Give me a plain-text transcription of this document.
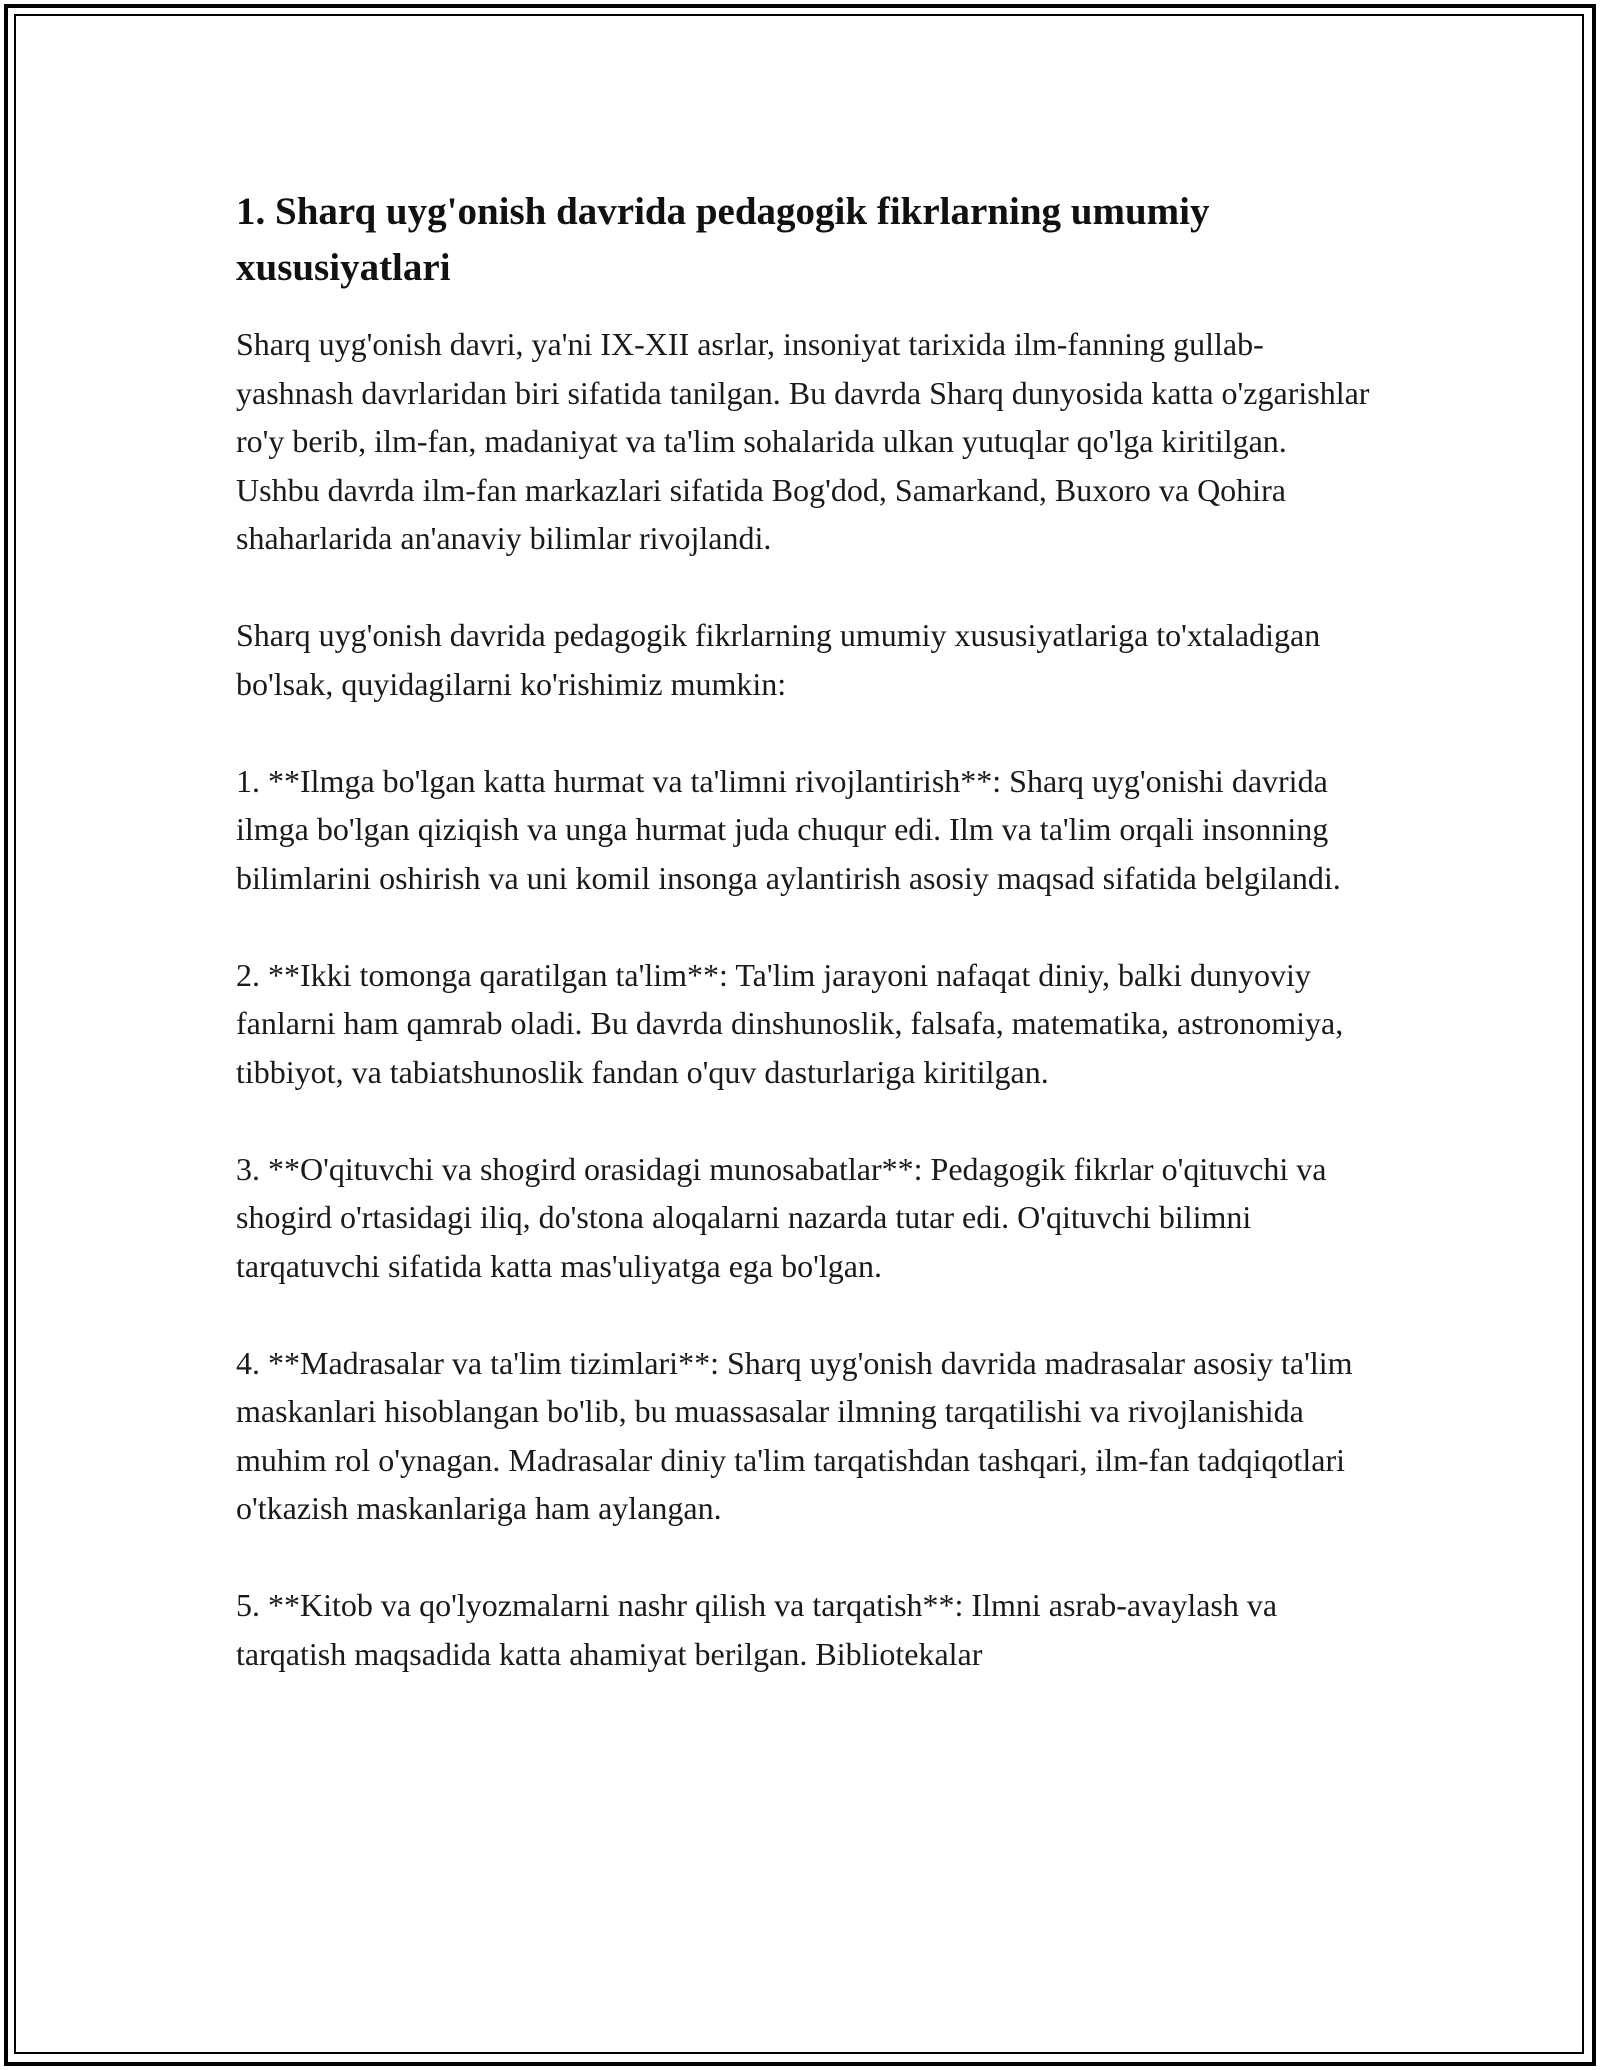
1. Sharq uyg'onish davrida pedagogik fikrlarning umumiy xususiyatlari

Sharq uyg'onish davri, ya'ni IX-XII asrlar, insoniyat tarixida ilm-fanning gullab-yashnash davrlaridan biri sifatida tanilgan. Bu davrda Sharq dunyosida katta o'zgarishlar ro'y berib, ilm-fan, madaniyat va ta'lim sohalarida ulkan yutuqlar qo'lga kiritilgan. Ushbu davrda ilm-fan markazlari sifatida Bog'dod, Samarkand, Buxoro va Qohira shaharlarida an'anaviy bilimlar rivojlandi.

Sharq uyg'onish davrida pedagogik fikrlarning umumiy xususiyatlariga to'xtaladigan bo'lsak, quyidagilarni ko'rishimiz mumkin:

1. **Ilmga bo'lgan katta hurmat va ta'limni rivojlantirish**: Sharq uyg'onishi davrida ilmga bo'lgan qiziqish va unga hurmat juda chuqur edi. Ilm va ta'lim orqali insonning bilimlarini oshirish va uni komil insonga aylantirish asosiy maqsad sifatida belgilandi.

2. **Ikki tomonga qaratilgan ta'lim**: Ta'lim jarayoni nafaqat diniy, balki dunyoviy fanlarni ham qamrab oladi. Bu davrda dinshunoslik, falsafa, matematika, astronomiya, tibbiyot, va tabiatshunoslik fandan o'quv dasturlariga kiritilgan.

3. **O'qituvchi va shogird orasidagi munosabatlar**: Pedagogik fikrlar o'qituvchi va shogird o'rtasidagi iliq, do'stona aloqalarni nazarda tutar edi. O'qituvchi bilimni tarqatuvchi sifatida katta mas'uliyatga ega bo'lgan.

4. **Madrasalar va ta'lim tizimlari**: Sharq uyg'onish davrida madrasalar asosiy ta'lim maskanlari hisoblangan bo'lib, bu muassasalar ilmning tarqatilishi va rivojlanishida muhim rol o'ynagan. Madrasalar diniy ta'lim tarqatishdan tashqari, ilm-fan tadqiqotlari o'tkazish maskanlariga ham aylangan.

5. **Kitob va qo'lyozmalarni nashr qilish va tarqatish**: Ilmni asrab-avaylash va tarqatish maqsadida katta ahamiyat berilgan. Bibliotekalar
